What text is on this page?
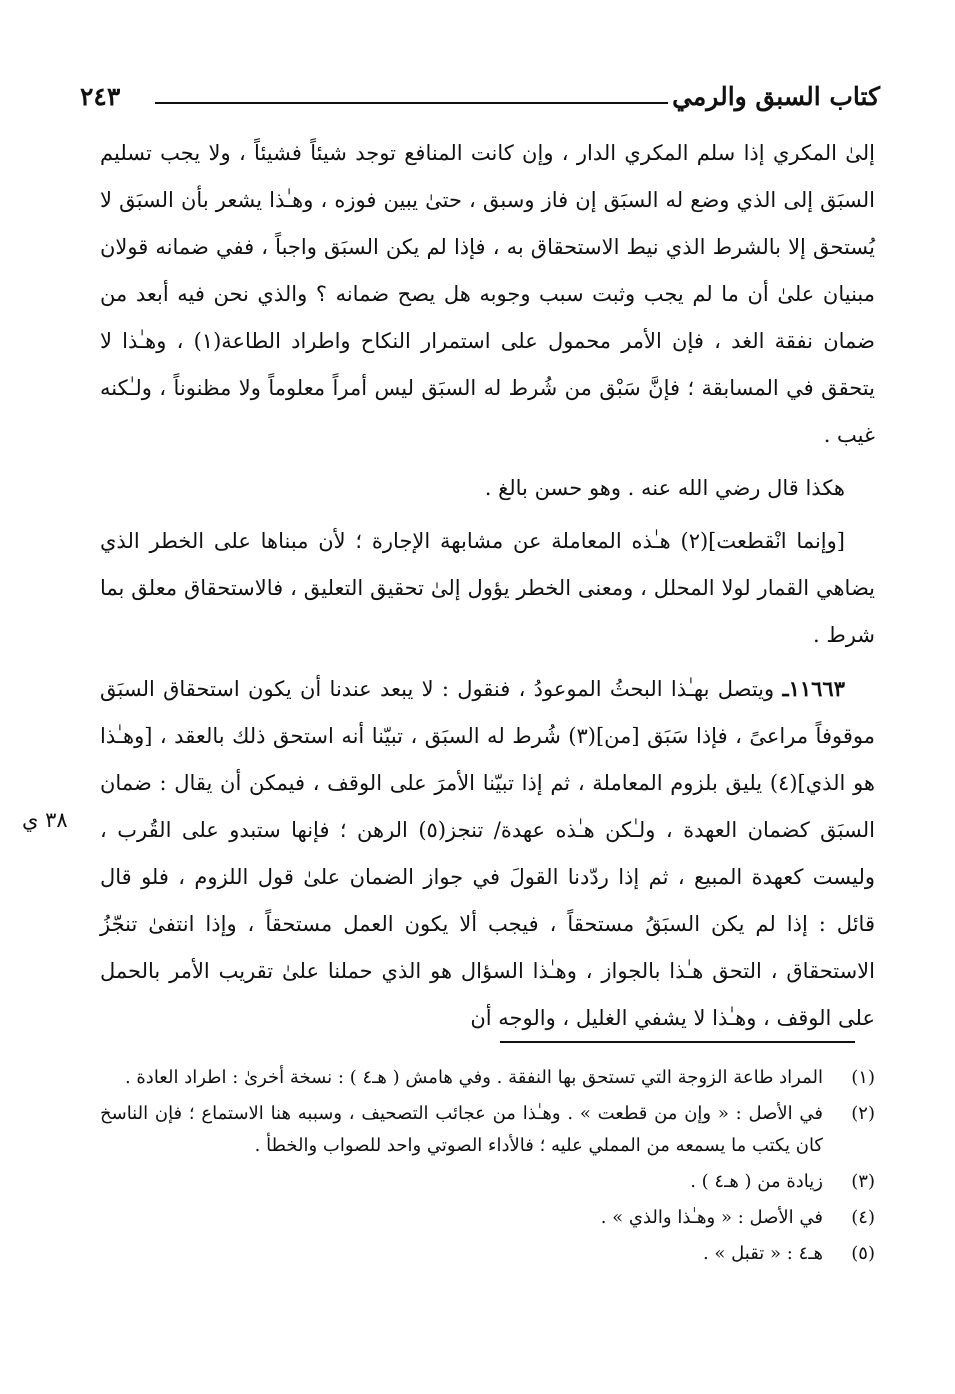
كتاب السبق والرمي
٢٤٣

إلىٰ المكري إذا سلم المكري الدار ، وإن كانت المنافع توجد شيئاً فشيئاً ، ولا يجب تسليم السبَق إلى الذي وضع له السبَق إن فاز وسبق ، حتىٰ يبين فوزه ، وهـٰذا يشعر بأن السبَق لا يُستحق إلا بالشرط الذي نيط الاستحقاق به ، فإذا لم يكن السبَق واجباً ، ففي ضمانه قولان مبنيان علىٰ أن ما لم يجب وثبت سبب وجوبه هل يصح ضمانه ؟ والذي نحن فيه أبعد من ضمان نفقة الغد ، فإن الأمر محمول على استمرار النكاح واطراد الطاعة(١) ، وهـٰذا لا يتحقق في المسابقة ؛ فإنَّ سَبْق من شُرط له السبَق ليس أمراً معلوماً ولا مظنوناً ، ولـٰكنه غيب .

هكذا قال رضي الله عنه . وهو حسن بالغ .

[وإنما انْقطعت](٢) هـٰذه المعاملة عن مشابهة الإجارة ؛ لأن مبناها على الخطر الذي يضاهي القمار لولا المحلل ، ومعنى الخطر يؤول إلىٰ تحقيق التعليق ، فالاستحقاق معلق بما شرط .

١١٦٦٣ـ ويتصل بهـٰذا البحثُ الموعودُ ، فنقول : لا يبعد عندنا أن يكون استحقاق السبَق موقوفاً مراعىً ، فإذا سَبَق [من](٣) شُرط له السبَق ، تبيّنا أنه استحق ذلك بالعقد ، [وهـٰذا هو الذي](٤) يليق بلزوم المعاملة ، ثم إذا تبيّنا الأمرَ على الوقف ، فيمكن أن يقال : ضمان السبَق كضمان العهدة ، ولـٰكن هـٰذه عهدة/ تنجز(٥) الرهن ؛ فإنها ستبدو على القُرب ، وليست كعهدة المبيع ، ثم إذا ردّدنا القولَ في جواز الضمان علىٰ قول اللزوم ، فلو قال قائل : إذا لم يكن السبَقُ مستحقاً ، فيجب ألا يكون العمل مستحقاً ، وإذا انتفىٰ تنجّزُ الاستحقاق ، التحق هـٰذا بالجواز ، وهـٰذا السؤال هو الذي حملنا علىٰ تقريب الأمر بالحمل على الوقف ، وهـٰذا لا يشفي الغليل ، والوجه أن

٣٨ ي
(١)
المراد طاعة الزوجة التي تستحق بها النفقة . وفي هامش ( هـ٤ ) : نسخة أخرىٰ : اطراد العادة .
(٢)
في الأصل : « وإن من قطعت » . وهـٰذا من عجائب التصحيف ، وسببه هنا الاستماع ؛ فإن الناسخ كان يكتب ما يسمعه من المملي عليه ؛ فالأداء الصوتي واحد للصواب والخطأ .
(٣)
زيادة من ( هـ٤ ) .
(٤)
في الأصل : « وهـٰذا والذي » .
(٥)
هـ٤ : « تقبل » .
